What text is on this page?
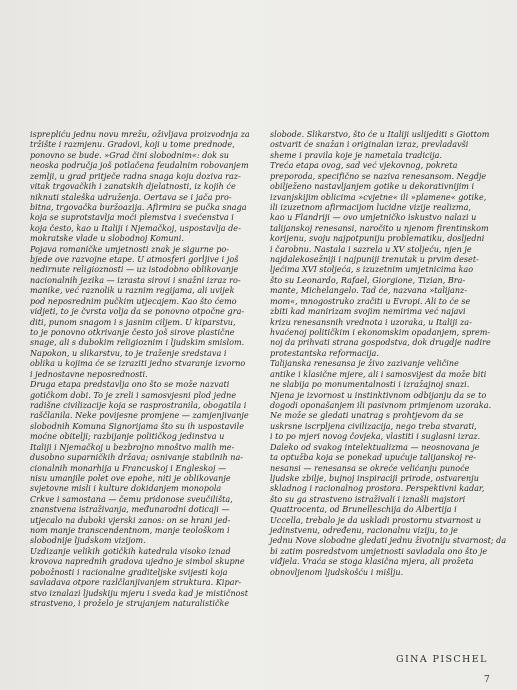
isprepliću jednu novu mrežu, oživljava proizvodnja za

tržište i razmjenu. Gradovi, koji u tome prednode,

ponovno se bude. »Grad čini slobodnim«: dok su

neoska područja još potlačena feudalnim robovanjem

zemlji, u grad pritječe radna snaga koju doziva raz-

vitak trgovačkih i zanatskih djelatnosti, iz kojih će

niknuti staleška udruženja. Oertava se i jača pro-

bitna, trgovačka buržoazija. Afirmira se pučka snaga

koja se suprotstavlja moći plemstva i svećenstva i

koja često, kao u Italiji i Njemačkoj, uspostavlja de-

mokratske vlade u slobodnoj Komuni.

Pojava romaničke umjetnosti znak je sigurne po-

bjede ove razvojne etape. U atmosferi gorljive i još

nedirnute religioznosti — uz istodobno oblikovanje

nacionalnih jezika — izrasta sirovi i snažni izraz ro-

manike, već raznolik u raznim regijama, ali uvijek

pod neposrednim pučkim utjecajem. Kao što ćemo

vidjeti, to je čvrsta volja da se ponovno otpočne gra-

diti, punom snagom i s jasnim ciljem. U kiparstvu,

to je ponovno otkrivanje često još sirove plastične

snage, ali s dubokim religioznim i ljudskim smislom.

Napokon, u slikarstvu, to je traženje sredstava i

oblika u kojima će se izraziti jedno stvaranje izvorno

i jednostavne neposrednosti.

Druga etapa predstavlja ono što se može nazvati

gotičkom dobi. To je zreli i samosvjesni plod jedne

radišne civilizacije koja se rasprostranila, obogatila i

raščlanila. Neke povijesne promjene — zamjenjivanje

slobodnih Komuna Signorijama što su ih uspostavile

moćne obitelji; razbijanje političkog jedinstva u

Italiji i Njemačkoj u bezbrojno mnoštvo malih me-

dusobno suparničkih država; osnivanje stabilnih na-

cionalnih monarhija u Francuskoj i Engleskoj —

nisu umanjile polet ove epohe, niti je oblikovanje

svjetovne misli i kulture dokidanjem monopola

Crkve i samostana — čemu pridonose sveučilišta,

znanstvena istraživanja, međunarodni doticaji —

utjecalo na duboki vjerski zanos: on se hrani jed-

nom manje transcendentnom, manje teološkom i

slobodnije ljudskom vizijom.

Uzdizanje velikih gotičkih katedrala visoko iznad

krovova naprednih gradova ujedno je simbol skupne

pobožnosti i racionalne graditeljske svijesti koja

savladava otpore razlčlanjivanjem struktura. Kipar-

stvo iznalazi ljudskiju mjeru i sveda kad je mističnost

strastveno, i proželo je strujanjem naturalističke

slobode. Slikarstvo, što će u Italiji uslijediti s Giottom

ostvarit će snažan i originalan izraz, prevladavši

sheme i pravila koje je nametala tradicija.

Treća etapa ovog, sad već vjekovnog, pokreta

preporoda, specifično se naziva renesansom. Negdje

obilježeno nastavljanjem gotike u dekorativnijim i

izvanjskijim oblicima »cvjetne« ili »plamene« gotike,

ili izuzetnom afirmacijom lucidne vizije realizma,

kao u Flandriji — ovo umjetničko iskustvo nalazi u

talijanskoj renesansi, naročito u njenom firentinskom

korijenu, svoju najpotpuniju problematiku, dosljedni

i čarobnu. Nastala i sazrela u XV stoljeću, njen je

najdalekosežniji i najpuniji trenutak u prvim deset-

ljećima XVI stoljeća, s izuzetnim umjetnicima kao

što su Leonardo, Rafael, Giorgione, Tizian, Bra-

mante, Michelangelo. Tad će, nazvana »talijanz-

mom«, mnogostruko zračiti u Evropi. Ali to će se

zbiti kad manirizam svojim nemirima već najavi

krizu renesansnih vrednota i uzoraka, u Italiji za-

hvaćenoj političkim i ekonomskim opadanjem, sprem-

noj da prihvati strana gospodstva, dok drugdje nadire

protestantska reformacija.

Talijanska renesansa je živo zazivanje veličine

antike i klasične mjere, ali i samosvijest da može biti

ne slabija po monumentalnosti i izražajnoj snazi.

Njena je izvornost u instinktivnom odbijanju da se to

dogodi oponašanjem ili pasivnom primjenom uzoraka.

Ne može se gledati unatrag s prohtjevom da se

uskrsne iscrpljena civilizacija, nego treba stvarati,

i to po mjeri novog čovjeka, vlastiti i suglasni izraz.

Daleko od svakog intelektualizma — neosnovana je

ta optužba koja se ponekad upućuje talijanskoj re-

nesansi — renesansa se okreće velićanju punoće

ljudske zbilje, bujnoj inspiraciji prirode, ostvarenju

skladnog i racionalnog prostora. Perspektivni kadar,

što su ga strastveno istraživali i iznašli majstori

Quattrocenta, od Brunelleschija do Albertija i

Uccella, trebalo je da uskladi prostornu stvarnost u

jedinstvenu, određenu, racionalnu viziju, to je

jednu Nove slobodne gledati jednu životniju stvarnost; da

bi zatim posredstvom umjetnosti savladala ono što je

viđjela. Vraća se stoga klasična mjera, ali prožeta

obnovljenom ljudskošću i mišlju.

GINA PISCHEL
7
